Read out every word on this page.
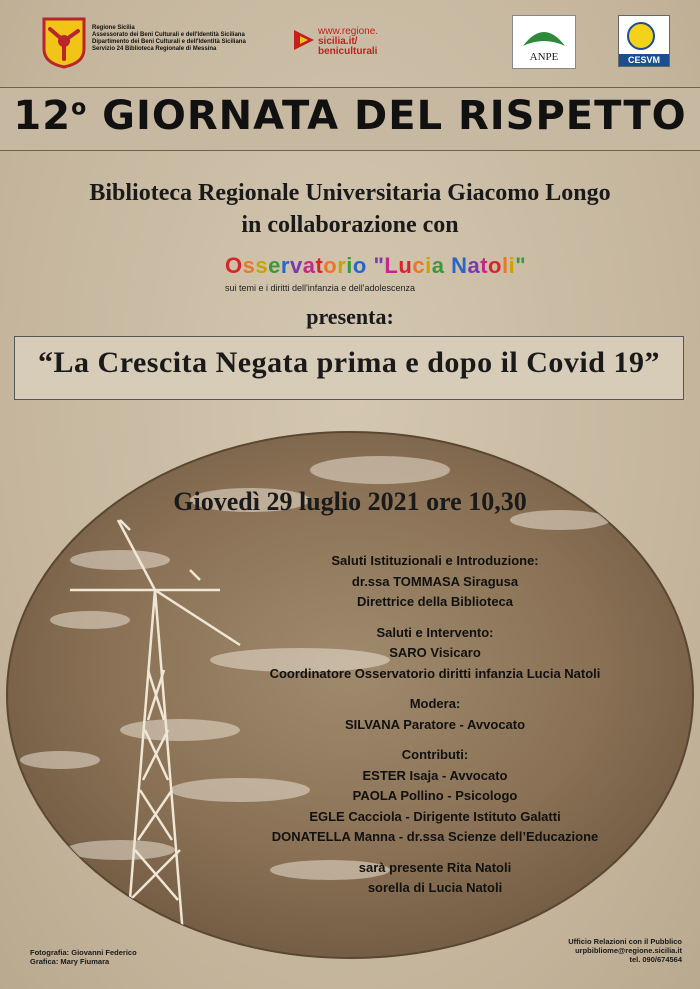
Regione Sicilia
Assessorato dei Beni Culturali e dell'Identità Siciliana
Dipartimento dei Beni Culturali e dell'Identità Siciliana
Servizio 24 Biblioteca Regionale di Messina
www.regione.
sicilia.it/
beniculturali	ANPE	CESVM
12$^o$ GIORNATA DEL RISPETTO
Biblioteca Regionale Universitaria Giacomo Longo
in collaborazione con
Osservatorio "Lucia Natoli"
sui temi e i diritti dell'infanzia e dell'adolescenza
presenta:
“La Crescita Negata prima e dopo il Covid 19”
Giovedì 29 luglio 2021 ore 10,30
Saluti Istituzionali e Introduzione:
dr.ssa TOMMASA Siragusa
Direttrice della Biblioteca
Saluti e Intervento:
SARO Visicaro
Coordinatore Osservatorio diritti infanzia Lucia Natoli
Modera:
SILVANA Paratore - Avvocato
Contributi:
ESTER Isaja - Avvocato
PAOLA Pollino - Psicologo
EGLE Cacciola - Dirigente Istituto Galatti
DONATELLA Manna - dr.ssa Scienze dell’Educazione
sarà presente Rita Natoli
sorella di Lucia Natoli
Fotografia: Giovanni Federico
Grafica: Mary Fiumara
Ufficio Relazioni con il Pubblico
urpbibliome@regione.sicilia.it
tel. 090/674564
